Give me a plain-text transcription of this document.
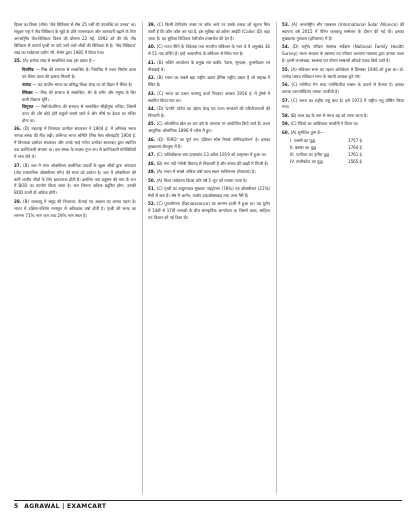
दिवस का विषय (थीम) 'जैव विविधता से लैस 25 वर्षों की उपलब्धि का उत्सव' था। संयुक्त राष्ट्र ने जैव विविधता के मुद्दों के प्रति जागरूकता और जानकारी बढ़ाने के लिए अन्तर्राष्ट्रीय जैव-विविधता दिवस की घोषणा 22 मई, 1992 को की थी। जैव विविधता से तात्पर्य पृथ्वी पर पाये जाने वाले जीवों की विविधता से है। 'जैव विविधता' शब्द का सर्वप्रथम प्रयोग जी. रोजेन द्वारा 1985 में किया गया।
35. (A) प्रत्येक शब्द से सम्बन्धित शब्द इस प्रकार है—
पिरामिड — मिस्र की सभ्यता से सम्बन्धित है। पिरामिड में भवन निर्माण कला एवं शिल्प कला की झलक मिलती है।
नालंदा — यह प्राचीन भारत का प्रसिद्ध शिक्षा केन्द्र था जो बिहार में स्थित है।
स्फिंक्स — मिस्र की सभ्यता से सम्बन्धित, शेर के शरीर और मनुष्य के सिर वाली विशाल मूर्ति।
ज़िगुरात — मेसोपोटामिया की सभ्यता से सम्बन्धित सीढ़ीनुमा मन्दिर, जिसमें ऊपर की ओर छोटे होते चबूतरे बनाये जाते थे और शीर्ष पर देवता का मन्दिर होता था।
36. (D) महाराष्ट्र में विनायक दामोदर सावरकर ने 1904 ई. में अभिनव भारत नामक संस्था की नींव रखी। अभिनव भारत समिति (मित्र मेला सोसाइटी) 1904 ई. में विनायक दामोदर सावरकर और उनके भाई गणेश दामोदर सावरकर द्वारा स्थापित एक क्रान्तिकारी संगठन था। इस संस्था के सदस्य गुप्त रूप से क्रान्तिकारी गतिविधियों में भाग लेते थे।
37. (B) जल में जाम ऑक्सीजन कार्बनिक पदार्थों के सूक्ष्म जीवों द्वारा अपघटन (जैव रासायनिक ऑक्सीजन माँग) की मात्रा को दर्शाता है। जल में ऑक्सीजन की कमी जलीय जीवों के लिए खतरनाक होती है। इसलिए जल प्रदूषण की माप के रूप में BOD का उपयोग किया जाता है। जल जितना अधिक प्रदूषित होगा, उसकी BOD उतनी ही अधिक होगी।
38. (B) जलवायु में समुद्र की निकटता, ऊँचाई एवं अक्षांश का प्रभाव पड़ता है। भारत में दक्षिण-पश्चिम मानसून से अधिकांश वर्षा होती है। पृथ्वी की सतह का लगभग 71% भाग जल तथा 29% भाग स्थल है।
39. (C) किसी टेलीफोन नम्बर पर कॉल आने पर उसके धारक को सूचना मिल जाती है कि कौन कॉल कर रहा है, इस सुविधा को कॉलर आईडी (Caller ID) कहा जाता है। यह सुविधा डिजिटल टेलीफोन एक्सचेंज की देन है।
40. (C) राज्य नीति के निदेशक तत्व भारतीय संविधान के भाग 4 में अनुच्छेद 36 से 51 तक वर्णित हैं। इन्हें आयरलैण्ड के संविधान से लिया गया है।
41. (B) भक्ति आन्दोलन के प्रमुख संत कबीर, रैदास, सूरदास, तुलसीदास एवं मीराबाई थे।
42. (B) भारत का सबसे बड़ा राष्ट्रीय उद्यान हेमिस राष्ट्रीय उद्यान है जो लद्दाख में स्थित है।
43. (C) भारत का प्रथम परमाणु ऊर्जा रिएक्टर अप्सरा 1956 ई. में ट्रॉम्बे में स्थापित किया गया था।
44. (D) 'प्रगति' पोर्टल का उद्देश्य केन्द्र एवं राज्य सरकारों की परियोजनाओं की निगरानी है।
45. (C) ओलम्पिक खेल हर चार वर्ष के अंतराल पर आयोजित किये जाते हैं। प्रथम आधुनिक ओलम्पिक 1896 में एथेंस में हुए।
46. (D) 'ISRO' का पूर्ण रूप 'इंडियन स्पेस रिसर्च ऑर्गेनाइजेशन' है। इसका मुख्यालय बेंगलुरू में है।
47. (C) जलियाँवाला बाग हत्याकांड 13 अप्रैल 1919 को अमृतसर में हुआ था।
48. (B) गंगा नदी गंगोत्री हिमनद से निकलती है और बंगाल की खाड़ी में गिरती है।
49. (A) भारत में सबसे अधिक वर्षा वाला स्थान मासिनराम (मेघालय) है।
50. (A) विश्व पर्यावरण दिवस प्रति वर्ष 5 जून को मनाया जाता है।
51. (C) पृथ्वी का वायुमण्डल मुख्यतः नाइट्रोजन (78%) एवं ऑक्सीजन (21%) गैसों से बना है। शेष में आर्गन, कार्बन डाइऑक्साइड तथा अन्य गैसें हैं।
52. (C) पुनर्जागरण (Renaissance) का आरम्भ इटली में हुआ था। यह यूरोप में 14वीं से 17वीं शताब्दी के बीच सांस्कृतिक आन्दोलन था जिसने कला, साहित्य एवं विज्ञान को नई दिशा दी।
53. (A) अन्तर्राष्ट्रीय सौर गठबंधन (International Solar Alliance) की स्थापना वर्ष 2015 में पेरिस जलवायु सम्मेलन के दौरान की गई थी। इसका मुख्यालय गुरुग्राम (हरियाणा) में है।
54. (D) राष्ट्रीय परिवार स्वास्थ्य सर्वेक्षण (National Family Health Survey) भारत सरकार के स्वास्थ्य एवं परिवार कल्याण मंत्रालय द्वारा कराया जाता है। इसमें जनसंख्या, स्वास्थ्य एवं पोषण सम्बन्धी आँकड़े एकत्र किये जाते हैं।
55. (A) संविधान सभा का पहला अधिवेशन 9 दिसम्बर 1946 को हुआ था। डॉ. राजेन्द्र प्रसाद संविधान सभा के स्थायी अध्यक्ष चुने गये।
56. (C) मलेरिया रोग मादा एनोफिलीज मच्छर के काटने से फैलता है। इसका कारक प्लाज्मोडियम नामक परजीवी है।
57. (C) भारत का राष्ट्रीय पशु बाघ है। इसे 1973 में राष्ट्रीय पशु घोषित किया गया।
58. (B) लाल ग्रह के नाम से मंगल ग्रह को जाना जाता है।
59. (C) रेडियो का आविष्कार मार्कोनी ने किया था।
60. (A) सुमेलित युग्म हैं—
I. प्लासी का युद्ध	1757 ई.
II. बक्सर का युद्ध	1764 ई.
III. पानीपत का तृतीय युद्ध	1761 ई.
IV. तालीकोटा का युद्ध	1565 ई.
5 AGRAWAL | EXAMCART
